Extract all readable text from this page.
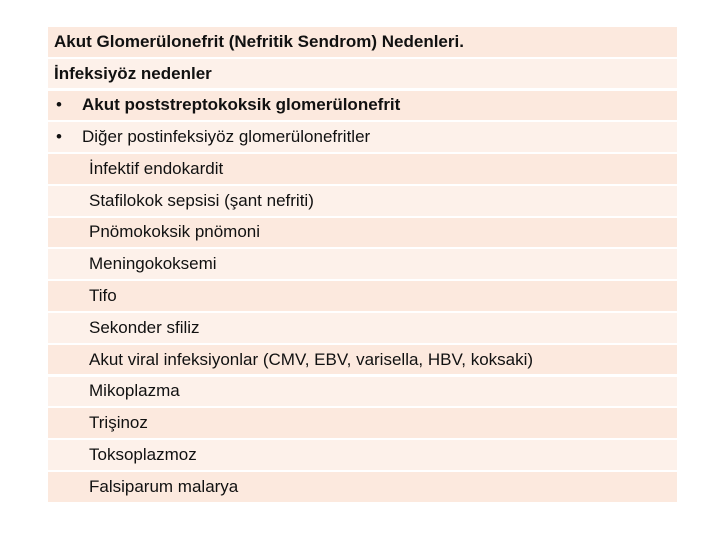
Akut Glomerülonefrit (Nefritik Sendrom) Nedenleri.
İnfeksiyöz nedenler
•	Akut poststreptokoksik glomerülonefrit
•	Diğer postinfeksiyöz glomerülonefritler
İnfektif endokardit
Stafilokok sepsisi (şant nefriti)
Pnömokoksik pnömoni
Meningokoksemi
Tifo
Sekonder sfiliz
Akut viral infeksiyonlar (CMV, EBV, varisella, HBV, koksaki)
Mikoplazma
Trişinoz
Toksoplazmoz
Falsiparum malarya
